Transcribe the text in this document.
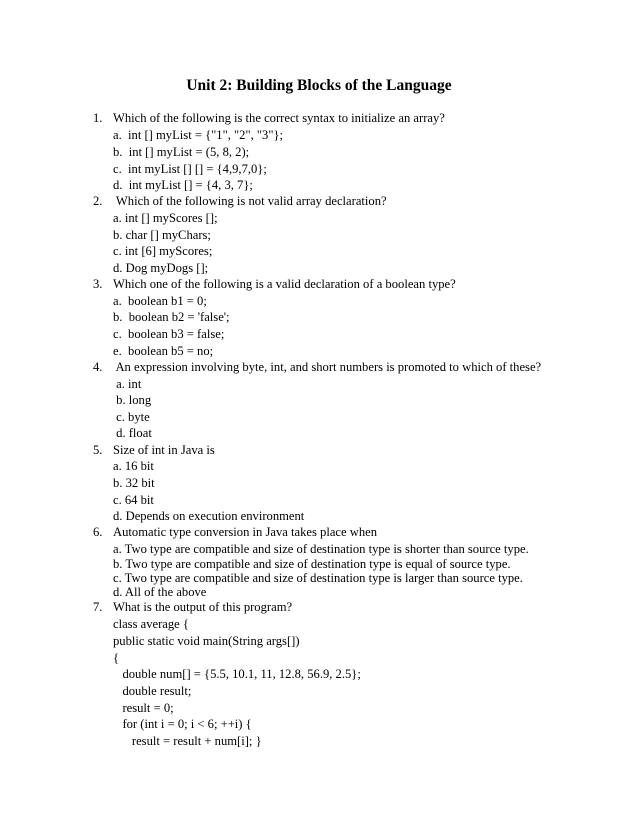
Unit 2: Building Blocks of the Language
1. Which of the following is the correct syntax to initialize an array?
a.  int [] myList = {"1", "2", "3"};
b.  int [] myList = (5, 8, 2);
c.  int myList [] [] = {4,9,7,0};
d.  int myList [] = {4, 3, 7};
2. Which of the following is not valid array declaration?
a. int [] myScores [];
b. char [] myChars;
c. int [6] myScores;
d. Dog myDogs [];
3. Which one of the following is a valid declaration of a boolean type?
a.  boolean b1 = 0;
b.  boolean b2 = 'false';
c.  boolean b3 = false;
e.  boolean b5 = no;
4. An expression involving byte, int, and short numbers is promoted to which of these?
a. int
b. long
c. byte
d. float
5. Size of int in Java is
a. 16 bit
b. 32 bit
c. 64 bit
d. Depends on execution environment
6. Automatic type conversion in Java takes place when
a. Two type are compatible and size of destination type is shorter than source type.
b. Two type are compatible and size of destination type is equal of source type.
c. Two type are compatible and size of destination type is larger than source type.
d. All of the above
7. What is the output of this program?
class average {
public static void main(String args[])
{
double num[] = {5.5, 10.1, 11, 12.8, 56.9, 2.5};
double result;
result = 0;
for (int i = 0; i < 6; ++i) {
result = result + num[i]; }
